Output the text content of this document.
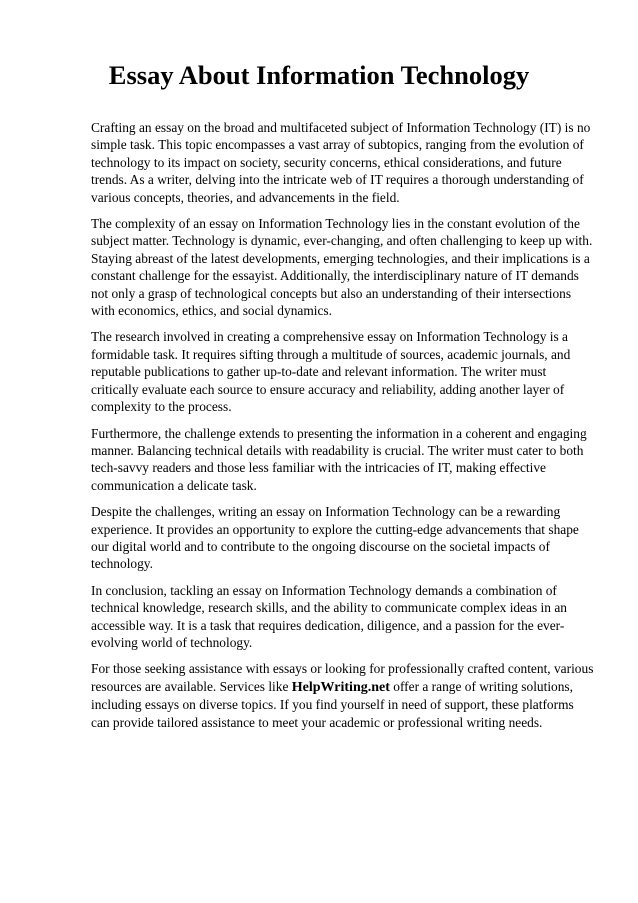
Essay About Information Technology

Crafting an essay on the broad and multifaceted subject of Information Technology (IT) is no simple task. This topic encompasses a vast array of subtopics, ranging from the evolution of technology to its impact on society, security concerns, ethical considerations, and future trends. As a writer, delving into the intricate web of IT requires a thorough understanding of various concepts, theories, and advancements in the field.

The complexity of an essay on Information Technology lies in the constant evolution of the subject matter. Technology is dynamic, ever-changing, and often challenging to keep up with. Staying abreast of the latest developments, emerging technologies, and their implications is a constant challenge for the essayist. Additionally, the interdisciplinary nature of IT demands not only a grasp of technological concepts but also an understanding of their intersections with economics, ethics, and social dynamics.

The research involved in creating a comprehensive essay on Information Technology is a formidable task. It requires sifting through a multitude of sources, academic journals, and reputable publications to gather up-to-date and relevant information. The writer must critically evaluate each source to ensure accuracy and reliability, adding another layer of complexity to the process.

Furthermore, the challenge extends to presenting the information in a coherent and engaging manner. Balancing technical details with readability is crucial. The writer must cater to both tech-savvy readers and those less familiar with the intricacies of IT, making effective communication a delicate task.

Despite the challenges, writing an essay on Information Technology can be a rewarding experience. It provides an opportunity to explore the cutting-edge advancements that shape our digital world and to contribute to the ongoing discourse on the societal impacts of technology.

In conclusion, tackling an essay on Information Technology demands a combination of technical knowledge, research skills, and the ability to communicate complex ideas in an accessible way. It is a task that requires dedication, diligence, and a passion for the ever-evolving world of technology.

For those seeking assistance with essays or looking for professionally crafted content, various resources are available. Services like HelpWriting.net offer a range of writing solutions, including essays on diverse topics. If you find yourself in need of support, these platforms can provide tailored assistance to meet your academic or professional writing needs.
